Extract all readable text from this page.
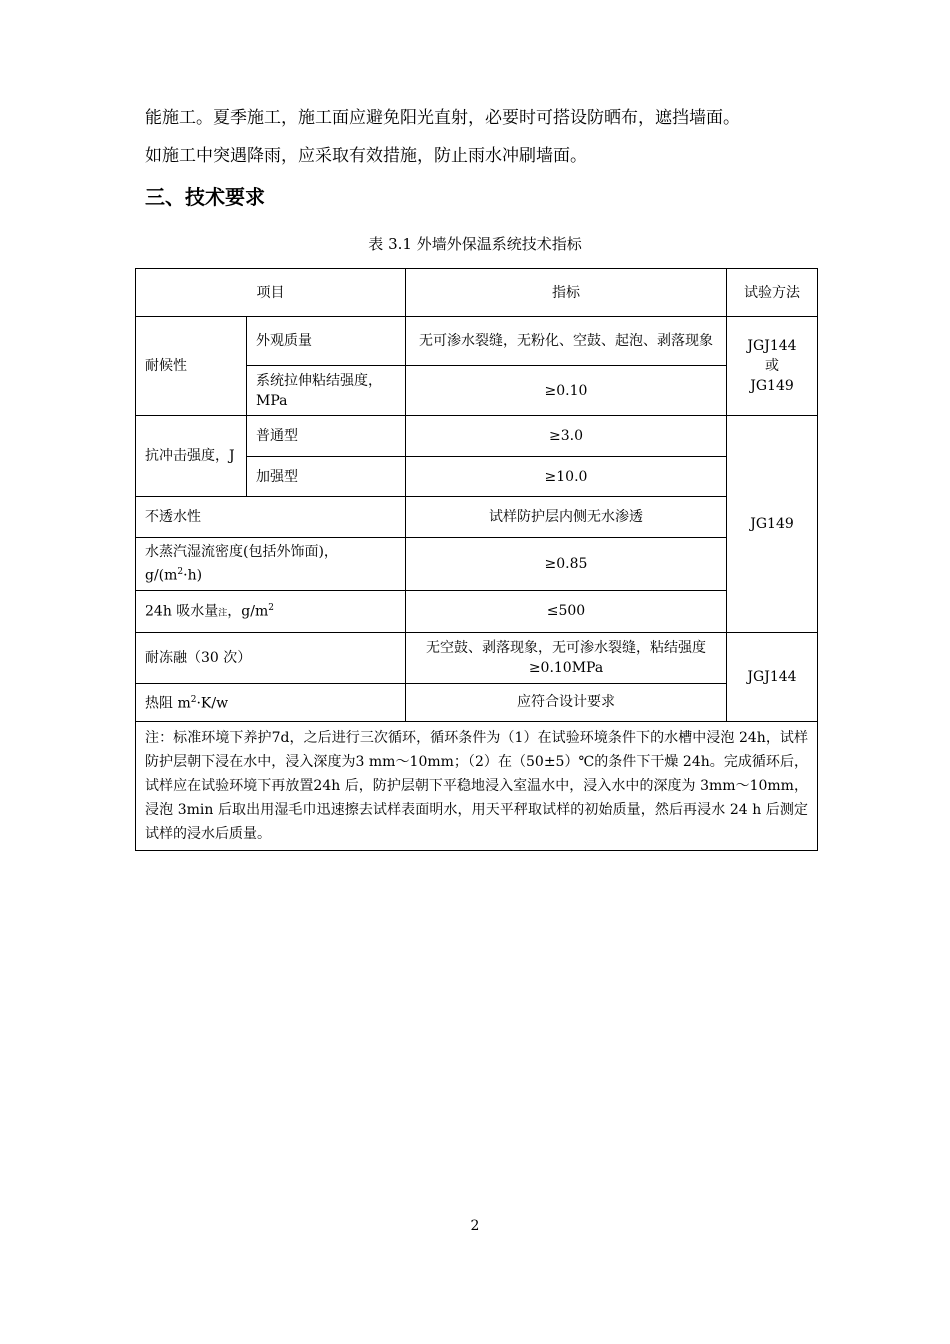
能施工。夏季施工，施工面应避免阳光直射，必要时可搭设防晒布，遮挡墙面。
如施工中突遇降雨，应采取有效措施，防止雨水冲刷墙面。
三、技术要求
表 3.1 外墙外保温系统技术指标
项目		指标	试验方法
耐候性	外观质量	无可渗水裂缝，无粉化、空鼓、起泡、剥落现象	JGJ144
或
JG149

	系统拉伸粘结强度，MPa	≥0.10	
抗冲击强度，J	普通型	≥3.0	JG149
	加强型	≥10.0	
不透水性		试样防护层内侧无水渗透	
水蒸汽湿流密度(包括外饰面)，
$g/(m^2\cdot h)$		≥0.85	
24h 吸水量注，$g/m^2$		≤500	
耐冻融（30 次）		无空鼓、剥落现象，无可渗水裂缝，粘结强度≥0.10MPa	JGJ144
热阻 $m^2\cdot K/w$		应符合设计要求	
注：标准环境下养护7d，之后进行三次循环，循环条件为（1）在试验环境条件下的水槽中浸泡 24h，试样防护层朝下浸在水中，浸入深度为3 mm～10mm；（2）在（50±5）℃的条件下干燥 24h。完成循环后，试样应在试验环境下再放置24h 后，防护层朝下平稳地浸入室温水中，浸入水中的深度为 3mm～10mm，浸泡 3min 后取出用湿毛巾迅速擦去试样表面明水，用天平秤取试样的初始质量，然后再浸水 24 h 后测定试样的浸水后质量。			
2
